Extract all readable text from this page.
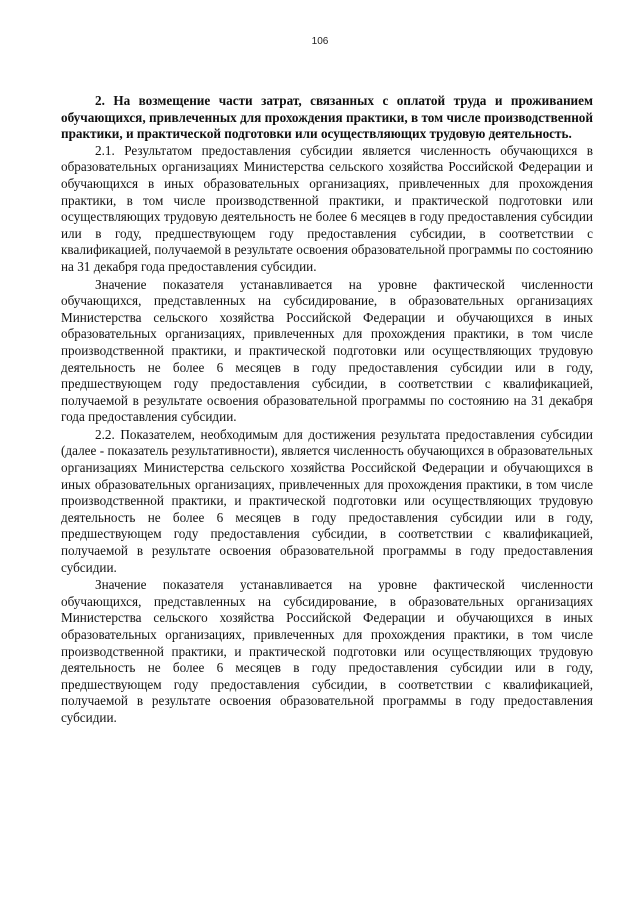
106

2. На возмещение части затрат, связанных с оплатой труда и проживанием обучающихся, привлеченных для прохождения практики, в том числе производственной практики, и практической подготовки или осуществляющих трудовую деятельность.

2.1. Результатом предоставления субсидии является численность обучающихся в образовательных организациях Министерства сельского хозяйства Российской Федерации и обучающихся в иных образовательных организациях, привлеченных для прохождения практики, в том числе производственной практики, и практической подготовки или осуществляющих трудовую деятельность не более 6 месяцев в году предоставления субсидии или в году, предшествующем году предоставления субсидии, в соответствии с квалификацией, получаемой в результате освоения образовательной программы по состоянию на 31 декабря года предоставления субсидии.

Значение показателя устанавливается на уровне фактической численности обучающихся, представленных на субсидирование, в образовательных организациях Министерства сельского хозяйства Российской Федерации и обучающихся в иных образовательных организациях, привлеченных для прохождения практики, в том числе производственной практики, и практической подготовки или осуществляющих трудовую деятельность не более 6 месяцев в году предоставления субсидии или в году, предшествующем году предоставления субсидии, в соответствии с квалификацией, получаемой в результате освоения образовательной программы по состоянию на 31 декабря года предоставления субсидии.

2.2. Показателем, необходимым для достижения результата предоставления субсидии (далее - показатель результативности), является численность обучающихся в образовательных организациях Министерства сельского хозяйства Российской Федерации и обучающихся в иных образовательных организациях, привлеченных для прохождения практики, в том числе производственной практики, и практической подготовки или осуществляющих трудовую деятельность не более 6 месяцев в году предоставления субсидии или в году, предшествующем году предоставления субсидии, в соответствии с квалификацией, получаемой в результате освоения образовательной программы в году предоставления субсидии.

Значение показателя устанавливается на уровне фактической численности обучающихся, представленных на субсидирование, в образовательных организациях Министерства сельского хозяйства Российской Федерации и обучающихся в иных образовательных организациях, привлеченных для прохождения практики, в том числе производственной практики, и практической подготовки или осуществляющих трудовую деятельность не более 6 месяцев в году предоставления субсидии или в году, предшествующем году предоставления субсидии, в соответствии с квалификацией, получаемой в результате освоения образовательной программы в году предоставления субсидии.
